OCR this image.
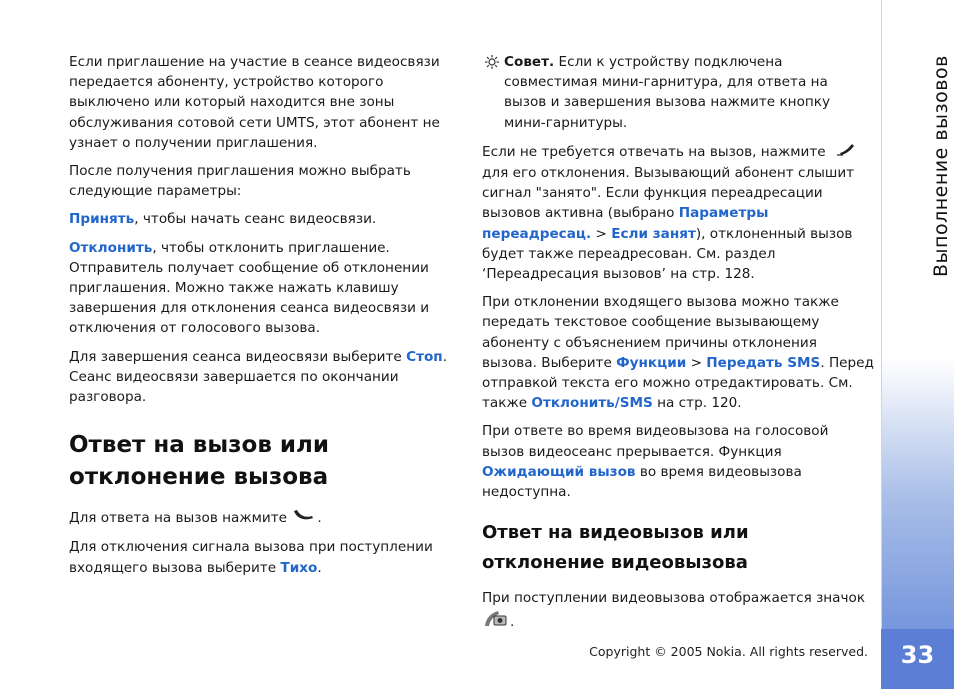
Если приглашение на участие в сеансе видеосвязи передается абоненту, устройство которого выключено или который находится вне зоны обслуживания сотовой сети UMTS, этот абонент не узнает о получении приглашения.

После получения приглашения можно выбрать следующие параметры:

Принять, чтобы начать сеанс видеосвязи.

Отклонить, чтобы отклонить приглашение. Отправитель получает сообщение об отклонении приглашения. Можно также нажать клавишу завершения для отклонения сеанса видеосвязи и отключения от голосового вызова.

Для завершения сеанса видеосвязи выберите Стоп. Сеанс видеосвязи завершается по окончании разговора.

Ответ на вызов или отклонение вызова

Для ответа на вызов нажмите .

Для отключения сигнала вызова при поступлении входящего вызова выберите Тихо.

Совет. Если к устройству подключена совместимая мини-гарнитура, для ответа на вызов и завершения вызова нажмите кнопку мини-гарнитуры.

Если не требуется отвечать на вызов, нажмите  для его отклонения. Вызывающий абонент слышит сигнал "занято". Если функция переадресации вызовов активна (выбрано Параметры переадресац. > Если занят), отклоненный вызов будет также переадресован. См. раздел ‘Переадресация вызовов’ на стр. 128.

При отклонении входящего вызова можно также передать текстовое сообщение вызывающему абоненту с объяснением причины отклонения вызова. Выберите Функции > Передать SMS. Перед отправкой текста его можно отредактировать. См. также Отклонить/SMS на стр. 120.

При ответе во время видеовызова на голосовой вызов видеосеанс прерывается. Функция Ожидающий вызов во время видеовызова недоступна.

Ответ на видеовызов или отклонение видеовызова

При поступлении видеовызова отображается значок .

Выполнение вызовов
33
Copyright © 2005 Nokia. All rights reserved.
